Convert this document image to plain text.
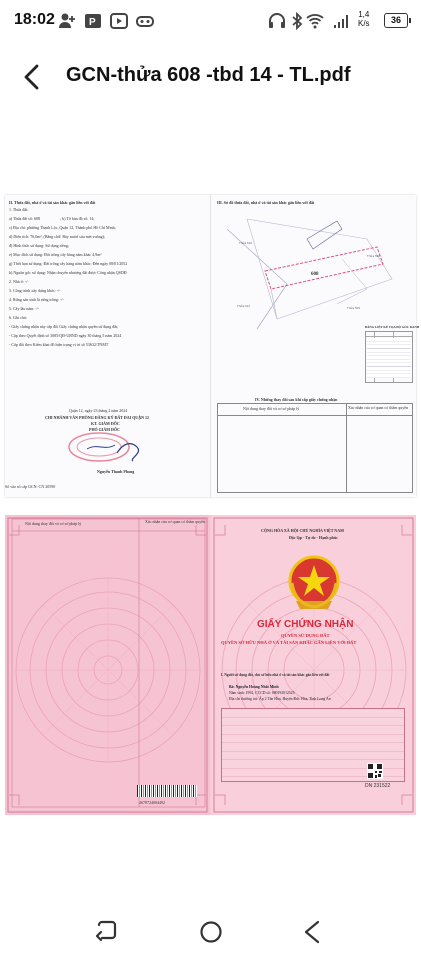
18:02	P
1,4
K/s	36
GCN-thửa 608 -tbd 14 - TL.pdf
II. Thửa đất, nhà ở và tài sản khác gắn liền với đất
1. Thửa đất:
a) Thửa đất số: 608                    ; b) Tờ bản đồ số: 14;
c) Địa chỉ: phường Thạnh Lộc, Quận 12, Thành phố Hồ Chí Minh;
d) Diện tích: 76,0m², (Bằng chữ: Bảy mươi sáu mét vuông);
đ) Hình thức sử dụng: Sử dụng riêng;
e) Mục đích sử dụng: Đất trồng cây hàng năm khác 4,9m²
g) Thời hạn sử dụng: Đất trồng cây hàng năm khác: Đến ngày 08/01/2052
h) Nguồn gốc sử dụng: Nhận chuyển nhượng đất được Công nhận QSDĐ
2. Nhà ở: -/-
3. Công trình xây dựng khác: -/-
4. Rừng sản xuất là rừng trồng: -/-
5. Cây lâu năm: -/-
6. Ghi chú:
- Giấy chứng nhận này cấp đổi Giấy chứng nhận quyền sử dụng đất,
- Cập theo Quyết định số 3085/QĐ-UBND ngày 30 tháng 5 năm 2024
- Cấp đổi theo Kiểm khai đồ hiện trạng vị trí số 53632/TNMT
Quận 12, ngày 23 tháng 2 năm 2024
CHI NHÁNH VĂN PHÒNG ĐĂNG KÝ ĐẤT ĐAI QUẬN 12
KT. GIÁM ĐỐC
PHÓ GIÁM ĐỐC
Nguyễn Thanh Phong
Số vào sổ cấp GCN: CN 20590
III. Sơ đồ thửa đất, nhà ở và tài sản khác gắn liền với đất
Thửa 610
Thửa 598
Thửa 520
Thửa 612
608
BẢNG LIỆT KÊ TỌA ĐỘ GÓC RANH
IV. Những thay đổi sau khi cấp giấy chứng nhận
Nội dung thay đổi và cơ sở pháp lý	Xác nhận của cơ quan có thẩm quyền
Nội dung thay đổi và cơ sở pháp lý	Xác nhận của cơ quan có thẩm quyền
2678724004492
CỘNG HÒA XÃ HỘI CHỦ NGHĨA VIỆT NAM
Độc lập - Tự do - Hạnh phúc
GIẤY CHỨNG NHẬN
QUYỀN SỬ DỤNG ĐẤT
QUYỀN SỞ HỮU NHÀ Ở VÀ TÀI SẢN KHÁC GẮN LIỀN VỚI ĐẤT
I. Người sử dụng đất, chủ sở hữu nhà ở và tài sản khác gắn liền với đất
Bà: Nguyễn Hoàng Nhất Minh
Năm sinh: 1992, CCCD số: 080192012525
Địa chỉ thường trú: Ấp 2 Tân Hòa, Huyện Đức Hòa, Tỉnh Long An
DN 231522
